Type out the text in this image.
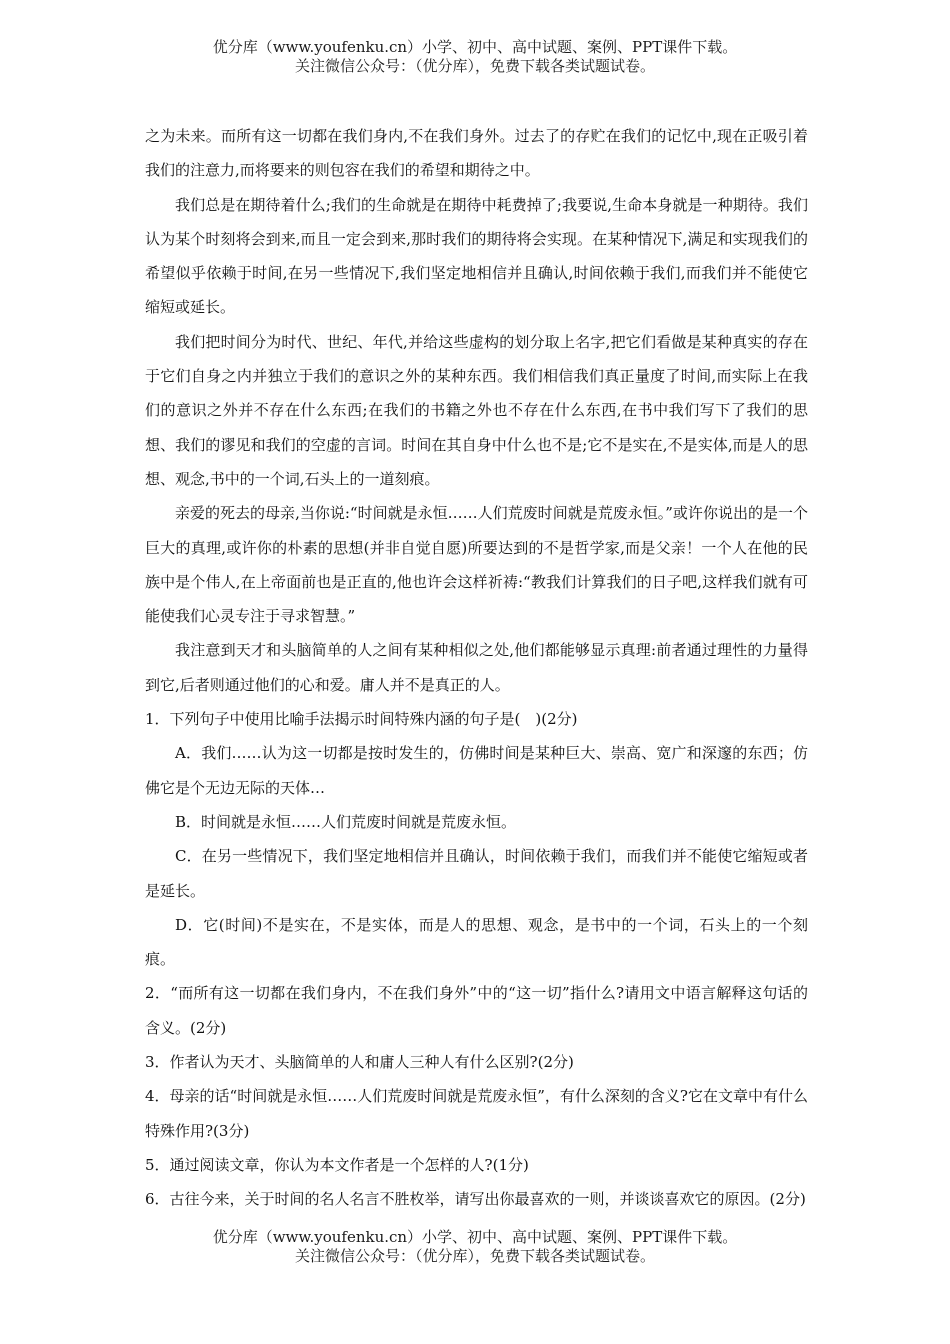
优分库（www.youfenku.cn）小学、初中、高中试题、案例、PPT课件下载。
关注微信公众号：（优分库），免费下载各类试题试卷。

之为未来。而所有这一切都在我们身内,不在我们身外。过去了的存贮在我们的记忆中,现在正吸引着我们的注意力,而将要来的则包容在我们的希望和期待之中。

我们总是在期待着什么;我们的生命就是在期待中耗费掉了;我要说,生命本身就是一种期待。我们认为某个时刻将会到来,而且一定会到来,那时我们的期待将会实现。在某种情况下,满足和实现我们的希望似乎依赖于时间,在另一些情况下,我们坚定地相信并且确认,时间依赖于我们,而我们并不能使它缩短或延长。

我们把时间分为时代、世纪、年代,并给这些虚构的划分取上名字,把它们看做是某种真实的存在于它们自身之内并独立于我们的意识之外的某种东西。我们相信我们真正量度了时间,而实际上在我们的意识之外并不存在什么东西;在我们的书籍之外也不存在什么东西,在书中我们写下了我们的思想、我们的谬见和我们的空虚的言词。时间在其自身中什么也不是;它不是实在,不是实体,而是人的思想、观念,书中的一个词,石头上的一道刻痕。

亲爱的死去的母亲,当你说:“时间就是永恒……人们荒废时间就是荒废永恒。”或许你说出的是一个巨大的真理,或许你的朴素的思想(并非自觉自愿)所要达到的不是哲学家,而是父亲！一个人在他的民族中是个伟人,在上帝面前也是正直的,他也许会这样祈祷:“教我们计算我们的日子吧,这样我们就有可能使我们心灵专注于寻求智慧。”

我注意到天才和头脑简单的人之间有某种相似之处,他们都能够显示真理:前者通过理性的力量得到它,后者则通过他们的心和爱。庸人并不是真正的人。

1．下列句子中使用比喻手法揭示时间特殊内涵的句子是(　)(2分)

A．我们……认为这一切都是按时发生的，仿佛时间是某种巨大、崇高、宽广和深邃的东西；仿佛它是个无边无际的天体…

B．时间就是永恒……人们荒废时间就是荒废永恒。

C．在另一些情况下，我们坚定地相信并且确认，时间依赖于我们，而我们并不能使它缩短或者是延长。

D．它(时间)不是实在，不是实体，而是人的思想、观念，是书中的一个词，石头上的一个刻痕。

2．“而所有这一切都在我们身内，不在我们身外”中的“这一切”指什么?请用文中语言解释这句话的含义。(2分)

3．作者认为天才、头脑简单的人和庸人三种人有什么区别?(2分)

4．母亲的话“时间就是永恒……人们荒废时间就是荒废永恒”，有什么深刻的含义?它在文章中有什么特殊作用?(3分)

5．通过阅读文章，你认为本文作者是一个怎样的人?(1分)

6．古往今来，关于时间的名人名言不胜枚举，请写出你最喜欢的一则，并谈谈喜欢它的原因。(2分)

优分库（www.youfenku.cn）小学、初中、高中试题、案例、PPT课件下载。
关注微信公众号：（优分库），免费下载各类试题试卷。
